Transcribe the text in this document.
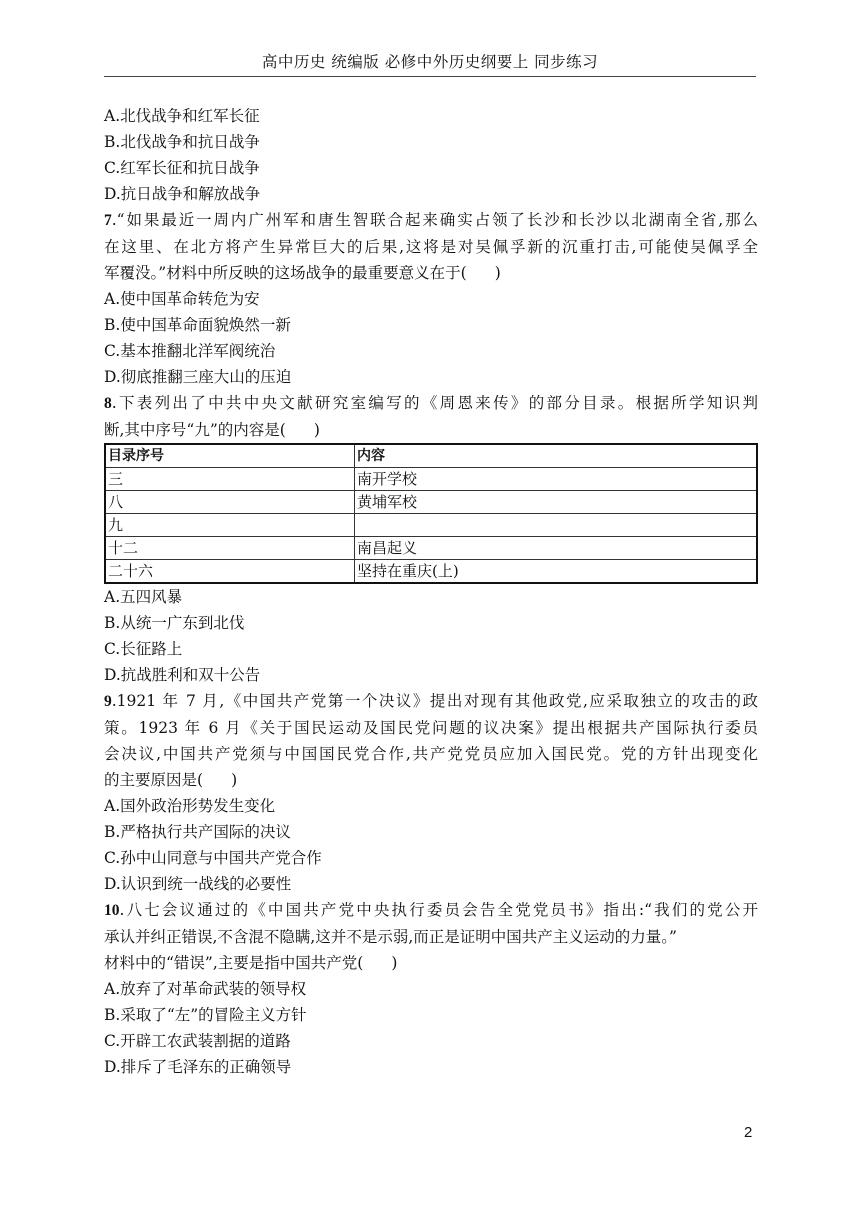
高中历史 统编版 必修中外历史纲要上 同步练习
A.北伐战争和红军长征
B.北伐战争和抗日战争
C.红军长征和抗日战争
D.抗日战争和解放战争
7.“如果最近一周内广州军和唐生智联合起来确实占领了长沙和长沙以北湖南全省,那么
在这里、在北方将产生异常巨大的后果,这将是对吴佩孚新的沉重打击,可能使吴佩孚全
军覆没。”材料中所反映的这场战争的最重要意义在于( )
A.使中国革命转危为安
B.使中国革命面貌焕然一新
C.基本推翻北洋军阀统治
D.彻底推翻三座大山的压迫
8.下表列出了中共中央文献研究室编写的《周恩来传》的部分目录。根据所学知识判
断,其中序号“九”的内容是( )
目录序号	内容
三	南开学校
八	黄埔军校
九	
十二	南昌起义
二十六	坚持在重庆(上)
A.五四风暴
B.从统一广东到北伐
C.长征路上
D.抗战胜利和双十公告
9.1921 年 7 月,《中国共产党第一个决议》提出对现有其他政党,应采取独立的攻击的政
策。1923 年 6 月《关于国民运动及国民党问题的议决案》提出根据共产国际执行委员
会决议,中国共产党须与中国国民党合作,共产党党员应加入国民党。党的方针出现变化
的主要原因是( )
A.国外政治形势发生变化
B.严格执行共产国际的决议
C.孙中山同意与中国共产党合作
D.认识到统一战线的必要性
10.八七会议通过的《中国共产党中央执行委员会告全党党员书》指出:“我们的党公开
承认并纠正错误,不含混不隐瞒,这并不是示弱,而正是证明中国共产主义运动的力量。”
材料中的“错误”,主要是指中国共产党( )
A.放弃了对革命武装的领导权
B.采取了“左”的冒险主义方针
C.开辟工农武装割据的道路
D.排斥了毛泽东的正确领导
2
